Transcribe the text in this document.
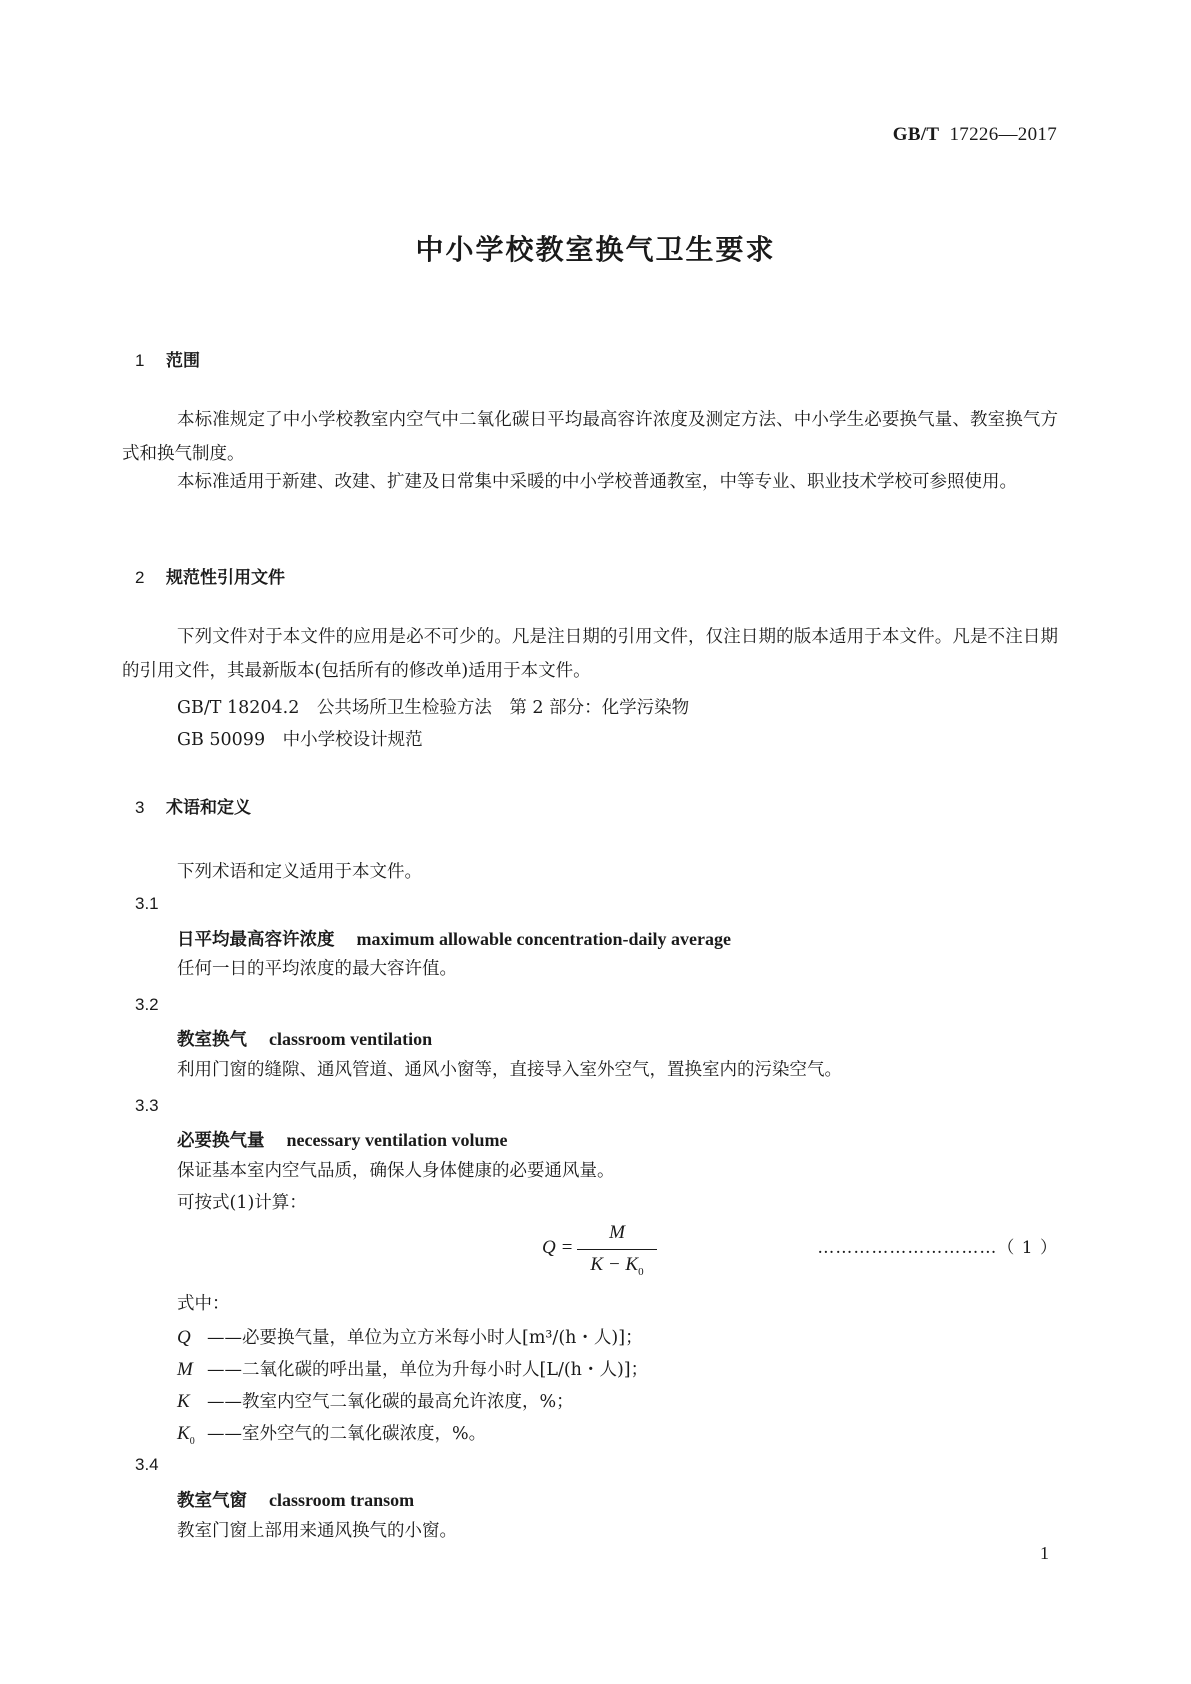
GB/T 17226—2017
中小学校教室换气卫生要求
1 范围

本标准规定了中小学校教室内空气中二氧化碳日平均最高容许浓度及测定方法、中小学生必要换气量、教室换气方式和换气制度。

本标准适用于新建、改建、扩建及日常集中采暖的中小学校普通教室，中等专业、职业技术学校可参照使用。

2 规范性引用文件

下列文件对于本文件的应用是必不可少的。凡是注日期的引用文件，仅注日期的版本适用于本文件。凡是不注日期的引用文件，其最新版本(包括所有的修改单)适用于本文件。

GB/T 18204.2　公共场所卫生检验方法　第 2 部分：化学污染物
GB 50099　中小学校设计规范
3 术语和定义
下列术语和定义适用于本文件。
3.1
日平均最高容许浓度 maximum allowable concentration-daily average
任何一日的平均浓度的最大容许值。
3.2
教室换气 classroom ventilation
利用门窗的缝隙、通风管道、通风小窗等，直接导入室外空气，置换室内的污染空气。
3.3
必要换气量 necessary ventilation volume
保证基本室内空气品质，确保人身体健康的必要通风量。
可按式(1)计算：
Q =
M
$K - K_0$
…………………………（ 1 ）
式中：
Q ——必要换气量，单位为立方米每小时人[m³/(h・人)]；
M ——二氧化碳的呼出量，单位为升每小时人[L/(h・人)]；
K ——教室内空气二氧化碳的最高允许浓度，%；
$K_0$ ——室外空气的二氧化碳浓度，%。
3.4
教室气窗 classroom transom
教室门窗上部用来通风换气的小窗。
1
